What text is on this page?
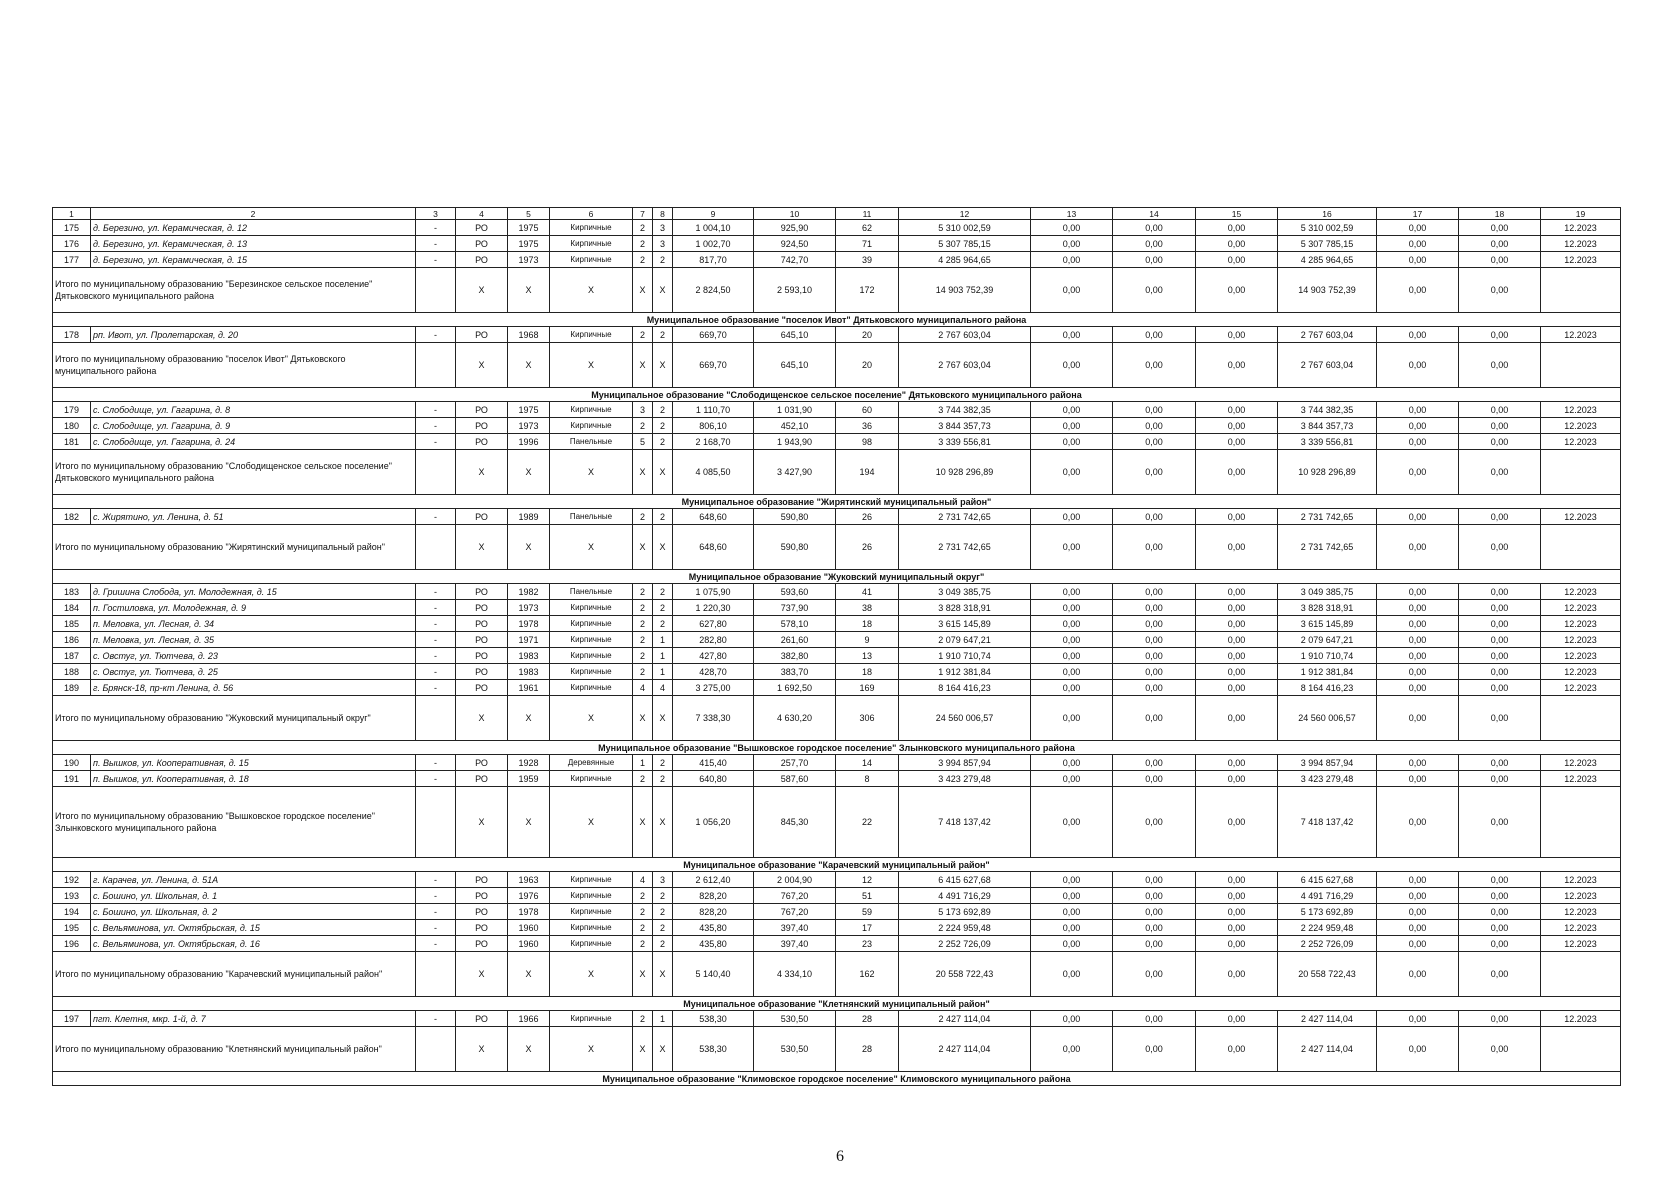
1	2	3	4	5	6	7	8	9	10	11	12	13	14	15	16	17	18	19
175	д. Березино, ул. Керамическая, д. 12	-	РО	1975	Кирпичные	2	3	1 004,10	925,90	62	5 310 002,59	0,00	0,00	0,00	5 310 002,59	0,00	0,00	12.2023
176	д. Березино, ул. Керамическая, д. 13	-	РО	1975	Кирпичные	2	3	1 002,70	924,50	71	5 307 785,15	0,00	0,00	0,00	5 307 785,15	0,00	0,00	12.2023
177	д. Березино, ул. Керамическая, д. 15	-	РО	1973	Кирпичные	2	2	817,70	742,70	39	4 285 964,65	0,00	0,00	0,00	4 285 964,65	0,00	0,00	12.2023
Итого по муниципальному образованию "Березинское сельское поселение" Дятьковского муниципального района			X	X	X	X	X	2 824,50	2 593,10	172	14 903 752,39	0,00	0,00	0,00	14 903 752,39	0,00	0,00	
Муниципальное образование "поселок Ивот" Дятьковского муниципального района																		
178	рп. Ивот, ул. Пролетарская, д. 20	-	РО	1968	Кирпичные	2	2	669,70	645,10	20	2 767 603,04	0,00	0,00	0,00	2 767 603,04	0,00	0,00	12.2023
Итого по муниципальному образованию "поселок Ивот" Дятьковского муниципального района			X	X	X	X	X	669,70	645,10	20	2 767 603,04	0,00	0,00	0,00	2 767 603,04	0,00	0,00	
Муниципальное образование "Слободищенское сельское поселение" Дятьковского муниципального района																		
179	с. Слободище, ул. Гагарина, д. 8	-	РО	1975	Кирпичные	3	2	1 110,70	1 031,90	60	3 744 382,35	0,00	0,00	0,00	3 744 382,35	0,00	0,00	12.2023
180	с. Слободище, ул. Гагарина, д. 9	-	РО	1973	Кирпичные	2	2	806,10	452,10	36	3 844 357,73	0,00	0,00	0,00	3 844 357,73	0,00	0,00	12.2023
181	с. Слободище, ул. Гагарина, д. 24	-	РО	1996	Панельные	5	2	2 168,70	1 943,90	98	3 339 556,81	0,00	0,00	0,00	3 339 556,81	0,00	0,00	12.2023
Итого по муниципальному образованию "Слободищенское сельское поселение" Дятьковского муниципального района			X	X	X	X	X	4 085,50	3 427,90	194	10 928 296,89	0,00	0,00	0,00	10 928 296,89	0,00	0,00	
Муниципальное образование "Жирятинский муниципальный район"																		
182	с. Жирятино, ул. Ленина, д. 51	-	РО	1989	Панельные	2	2	648,60	590,80	26	2 731 742,65	0,00	0,00	0,00	2 731 742,65	0,00	0,00	12.2023
Итого по муниципальному образованию "Жирятинский муниципальный район"			X	X	X	X	X	648,60	590,80	26	2 731 742,65	0,00	0,00	0,00	2 731 742,65	0,00	0,00	
Муниципальное образование "Жуковский муниципальный округ"																		
183	д. Гришина Слобода, ул. Молодежная, д. 15	-	РО	1982	Панельные	2	2	1 075,90	593,60	41	3 049 385,75	0,00	0,00	0,00	3 049 385,75	0,00	0,00	12.2023
184	п. Гостиловка, ул. Молодежная, д. 9	-	РО	1973	Кирпичные	2	2	1 220,30	737,90	38	3 828 318,91	0,00	0,00	0,00	3 828 318,91	0,00	0,00	12.2023
185	п. Меловка, ул. Лесная, д. 34	-	РО	1978	Кирпичные	2	2	627,80	578,10	18	3 615 145,89	0,00	0,00	0,00	3 615 145,89	0,00	0,00	12.2023
186	п. Меловка, ул. Лесная, д. 35	-	РО	1971	Кирпичные	2	1	282,80	261,60	9	2 079 647,21	0,00	0,00	0,00	2 079 647,21	0,00	0,00	12.2023
187	с. Овстуг, ул. Тютчева, д. 23	-	РО	1983	Кирпичные	2	1	427,80	382,80	13	1 910 710,74	0,00	0,00	0,00	1 910 710,74	0,00	0,00	12.2023
188	с. Овстуг, ул. Тютчева, д. 25	-	РО	1983	Кирпичные	2	1	428,70	383,70	18	1 912 381,84	0,00	0,00	0,00	1 912 381,84	0,00	0,00	12.2023
189	г. Брянск-18, пр-кт Ленина, д. 56	-	РО	1961	Кирпичные	4	4	3 275,00	1 692,50	169	8 164 416,23	0,00	0,00	0,00	8 164 416,23	0,00	0,00	12.2023
Итого по муниципальному образованию "Жуковский муниципальный округ"			X	X	X	X	X	7 338,30	4 630,20	306	24 560 006,57	0,00	0,00	0,00	24 560 006,57	0,00	0,00	
Муниципальное образование "Вышковское городское поселение" Злынковского муниципального района																		
190	п. Вышков, ул. Кооперативная, д. 15	-	РО	1928	Деревянные	1	2	415,40	257,70	14	3 994 857,94	0,00	0,00	0,00	3 994 857,94	0,00	0,00	12.2023
191	п. Вышков, ул. Кооперативная, д. 18	-	РО	1959	Кирпичные	2	2	640,80	587,60	8	3 423 279,48	0,00	0,00	0,00	3 423 279,48	0,00	0,00	12.2023
Итого по муниципальному образованию "Вышковское городское поселение" Злынковского муниципального района			X	X	X	X	X	1 056,20	845,30	22	7 418 137,42	0,00	0,00	0,00	7 418 137,42	0,00	0,00	
Муниципальное образование "Карачевский муниципальный район"																		
192	г. Карачев, ул. Ленина, д. 51А	-	РО	1963	Кирпичные	4	3	2 612,40	2 004,90	12	6 415 627,68	0,00	0,00	0,00	6 415 627,68	0,00	0,00	12.2023
193	с. Бошино, ул. Школьная, д. 1	-	РО	1976	Кирпичные	2	2	828,20	767,20	51	4 491 716,29	0,00	0,00	0,00	4 491 716,29	0,00	0,00	12.2023
194	с. Бошино, ул. Школьная, д. 2	-	РО	1978	Кирпичные	2	2	828,20	767,20	59	5 173 692,89	0,00	0,00	0,00	5 173 692,89	0,00	0,00	12.2023
195	с. Вельяминова, ул. Октябрьская, д. 15	-	РО	1960	Кирпичные	2	2	435,80	397,40	17	2 224 959,48	0,00	0,00	0,00	2 224 959,48	0,00	0,00	12.2023
196	с. Вельяминова, ул. Октябрьская, д. 16	-	РО	1960	Кирпичные	2	2	435,80	397,40	23	2 252 726,09	0,00	0,00	0,00	2 252 726,09	0,00	0,00	12.2023
Итого по муниципальному образованию "Карачевский муниципальный район"			X	X	X	X	X	5 140,40	4 334,10	162	20 558 722,43	0,00	0,00	0,00	20 558 722,43	0,00	0,00	
Муниципальное образование "Клетнянский муниципальный район"																		
197	пгт. Клетня, мкр. 1-й, д. 7	-	РО	1966	Кирпичные	2	1	538,30	530,50	28	2 427 114,04	0,00	0,00	0,00	2 427 114,04	0,00	0,00	12.2023
Итого по муниципальному образованию "Клетнянский муниципальный район"			X	X	X	X	X	538,30	530,50	28	2 427 114,04	0,00	0,00	0,00	2 427 114,04	0,00	0,00	
Муниципальное образование "Климовское городское поселение" Климовского муниципального района																		
6
